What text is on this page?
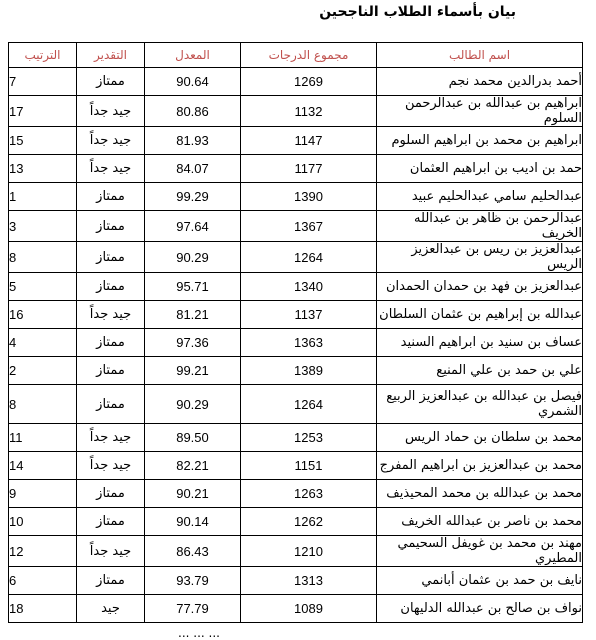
بيان بأسماء الطلاب الناجحين
اسم الطالب	مجموع الدرجات	المعدل	التقدير	الترتيب
أحمد بدرالدين محمد نجم	1269	90.64	ممتاز	7
ابراهيم بن عبدالله بن عبدالرحمن السلوم	1132	80.86	جيد جداً	17
ابراهيم بن محمد بن ابراهيم السلوم	1147	81.93	جيد جداً	15
حمد بن اديب بن ابراهيم العثمان	1177	84.07	جيد جداً	13
عبدالحليم سامي عبدالحليم عبيد	1390	99.29	ممتاز	1
عبدالرحمن بن ظاهر بن عبدالله الخريف	1367	97.64	ممتاز	3
عبدالعزيز بن ريس بن عبدالعزيز الريس	1264	90.29	ممتاز	8
عبدالعزيز بن فهد بن حمدان الحمدان	1340	95.71	ممتاز	5
عبدالله بن إبراهيم بن عثمان السلطان	1137	81.21	جيد جداً	16
عساف بن سنيد بن ابراهيم السنيد	1363	97.36	ممتاز	4
علي بن حمد بن علي المنيع	1389	99.21	ممتاز	2
فيصل بن عبدالله بن عبدالعزيز الربيع الشمري	1264	90.29	ممتاز	8
محمد بن سلطان بن حماد الريس	1253	89.50	جيد جداً	11
محمد بن عبدالعزيز بن ابراهيم المفرج	1151	82.21	جيد جداً	14
محمد بن عبدالله بن محمد المحيذيف	1263	90.21	ممتاز	9
محمد بن ناصر بن عبدالله الخريف	1262	90.14	ممتاز	10
مهند بن محمد بن غويفل السحيمي المطيري	1210	86.43	جيد جداً	12
نايف بن حمد بن عثمان أبانمي	1313	93.79	ممتاز	6
نواف بن صالح بن عبدالله الدليهان	1089	77.79	جيد	18
... ... ...
